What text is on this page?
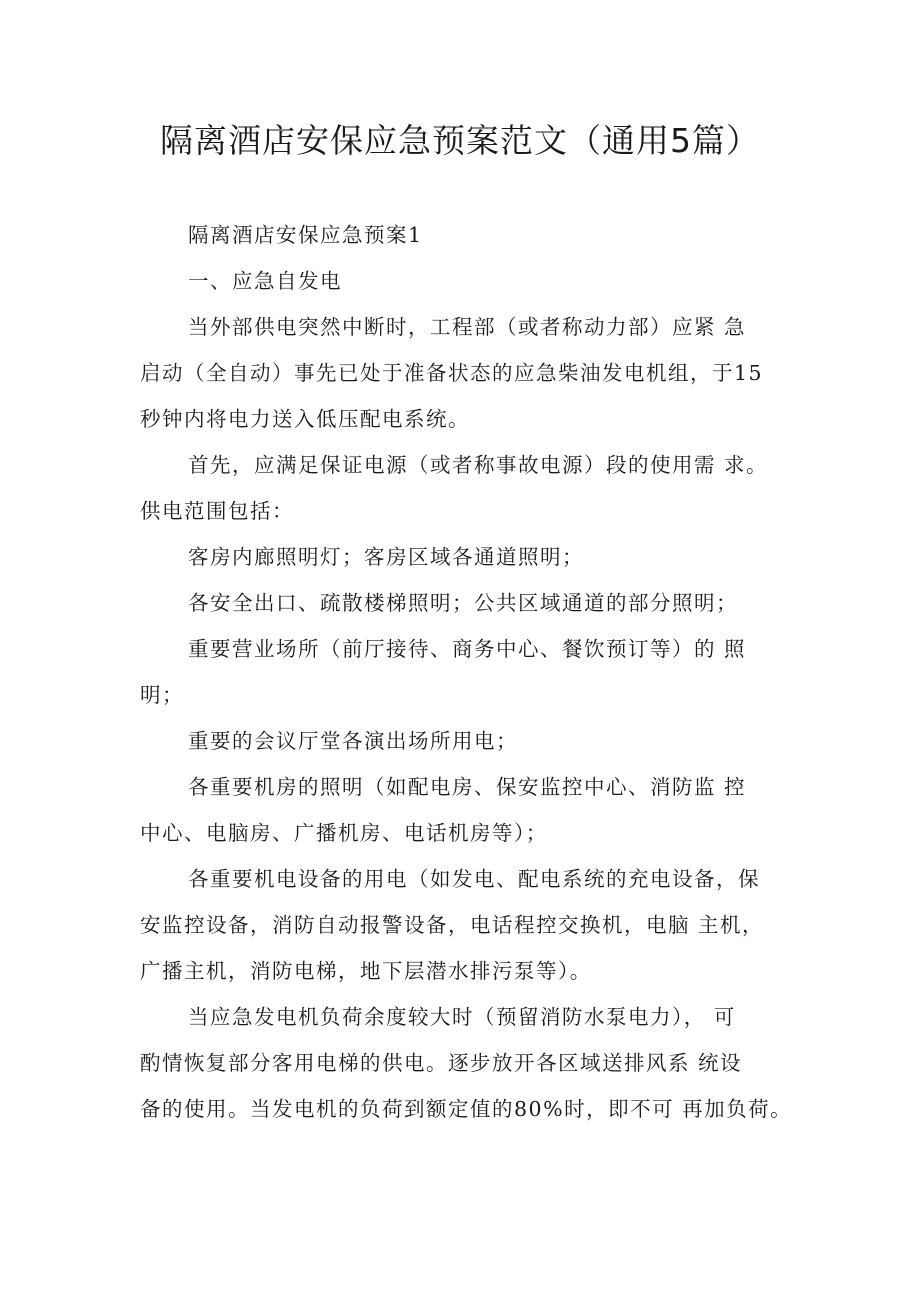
隔离酒店安保应急预案范文（通用5篇）

隔离酒店安保应急预案1

一、应急自发电

当外部供电突然中断时，工程部（或者称动力部）应紧 急
启动（全自动）事先已处于准备状态的应急柴油发电机组，于15
秒钟内将电力送入低压配电系统。

首先，应满足保证电源（或者称事故电源）段的使用需 求。
供电范围包括：

客房内廊照明灯；客房区域各通道照明；

各安全出口、疏散楼梯照明；公共区域通道的部分照明；

重要营业场所（前厅接待、商务中心、餐饮预订等）的 照
明；

重要的会议厅堂各演出场所用电；

各重要机房的照明（如配电房、保安监控中心、消防监 控
中心、电脑房、广播机房、电话机房等）；

各重要机电设备的用电（如发电、配电系统的充电设备，保
安监控设备，消防自动报警设备，电话程控交换机，电脑 主机，
广播主机，消防电梯，地下层潜水排污泵等）。

当应急发电机负荷余度较大时（预留消防水泵电力）， 可
酌情恢复部分客用电梯的供电。逐步放开各区域送排风系 统设
备的使用。当发电机的负荷到额定值的80%时，即不可 再加负荷。
